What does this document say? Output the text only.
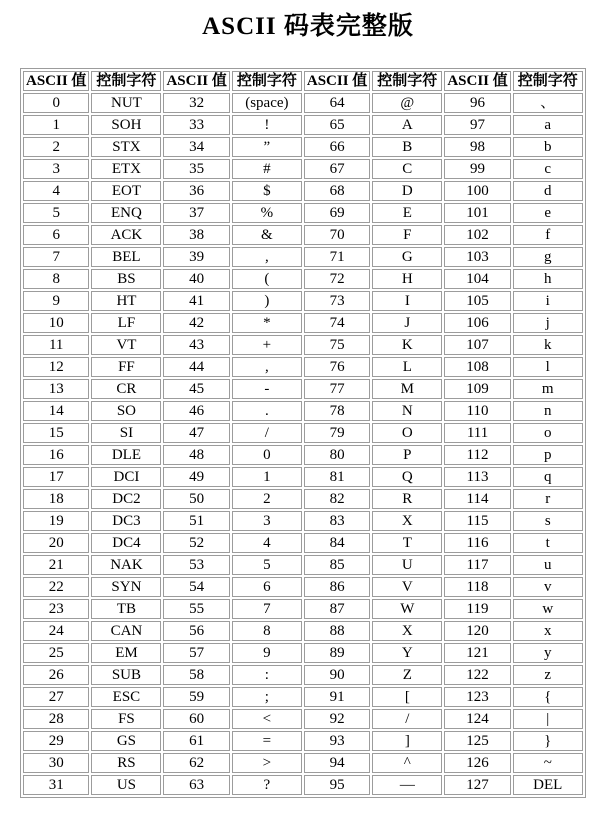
ASCII 码表完整版
ASCII 值	控制字符	ASCII 值	控制字符	ASCII 值	控制字符	ASCII 值	控制字符
0	NUT	32	(space)	64	@	96	、
1	SOH	33	!	65	A	97	a
2	STX	34	”	66	B	98	b
3	ETX	35	#	67	C	99	c
4	EOT	36	$	68	D	100	d
5	ENQ	37	%	69	E	101	e
6	ACK	38	&	70	F	102	f
7	BEL	39	,	71	G	103	g
8	BS	40	(	72	H	104	h
9	HT	41	)	73	I	105	i
10	LF	42	*	74	J	106	j
11	VT	43	+	75	K	107	k
12	FF	44	,	76	L	108	l
13	CR	45	-	77	M	109	m
14	SO	46	.	78	N	110	n
15	SI	47	/	79	O	111	o
16	DLE	48	0	80	P	112	p
17	DCI	49	1	81	Q	113	q
18	DC2	50	2	82	R	114	r
19	DC3	51	3	83	X	115	s
20	DC4	52	4	84	T	116	t
21	NAK	53	5	85	U	117	u
22	SYN	54	6	86	V	118	v
23	TB	55	7	87	W	119	w
24	CAN	56	8	88	X	120	x
25	EM	57	9	89	Y	121	y
26	SUB	58	:	90	Z	122	z
27	ESC	59	;	91	[	123	{
28	FS	60	<	92	/	124	|
29	GS	61	=	93	]	125	}
30	RS	62	>	94	^	126	~
31	US	63	?	95	—	127	DEL
